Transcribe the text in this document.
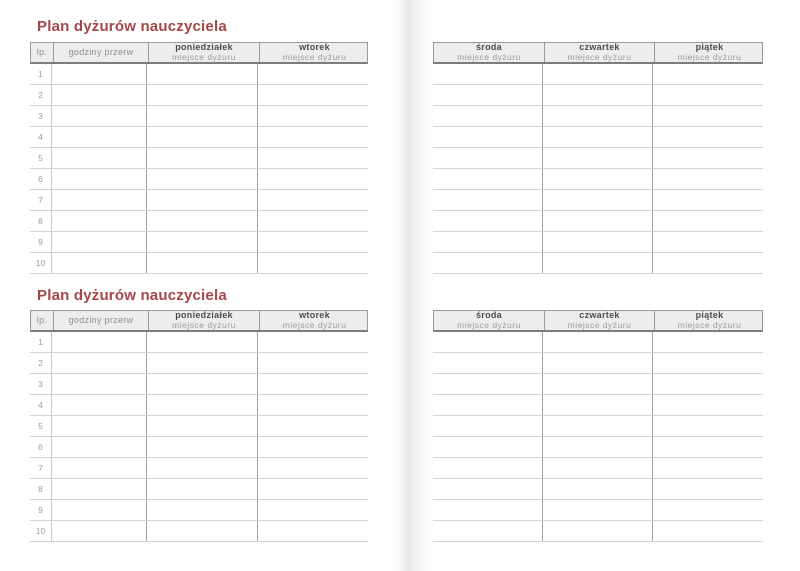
Plan dyżurów nauczyciela
lp. godziny przerw	poniedziałek
miejsce dyżuru
wtorek
miejsce dyżuru
1
2
3
4
5
6
7
8
9
10
Plan dyżurów nauczyciela
lp. godziny przerw	poniedziałek
miejsce dyżuru
wtorek
miejsce dyżuru
1
2
3
4
5
6
7
8
9
10
środa
miejsce dyżuru
czwartek
miejsce dyżuru
piątek
miejsce dyżuru
środa
miejsce dyżuru
czwartek
miejsce dyżuru
piątek
miejsce dyżuru
